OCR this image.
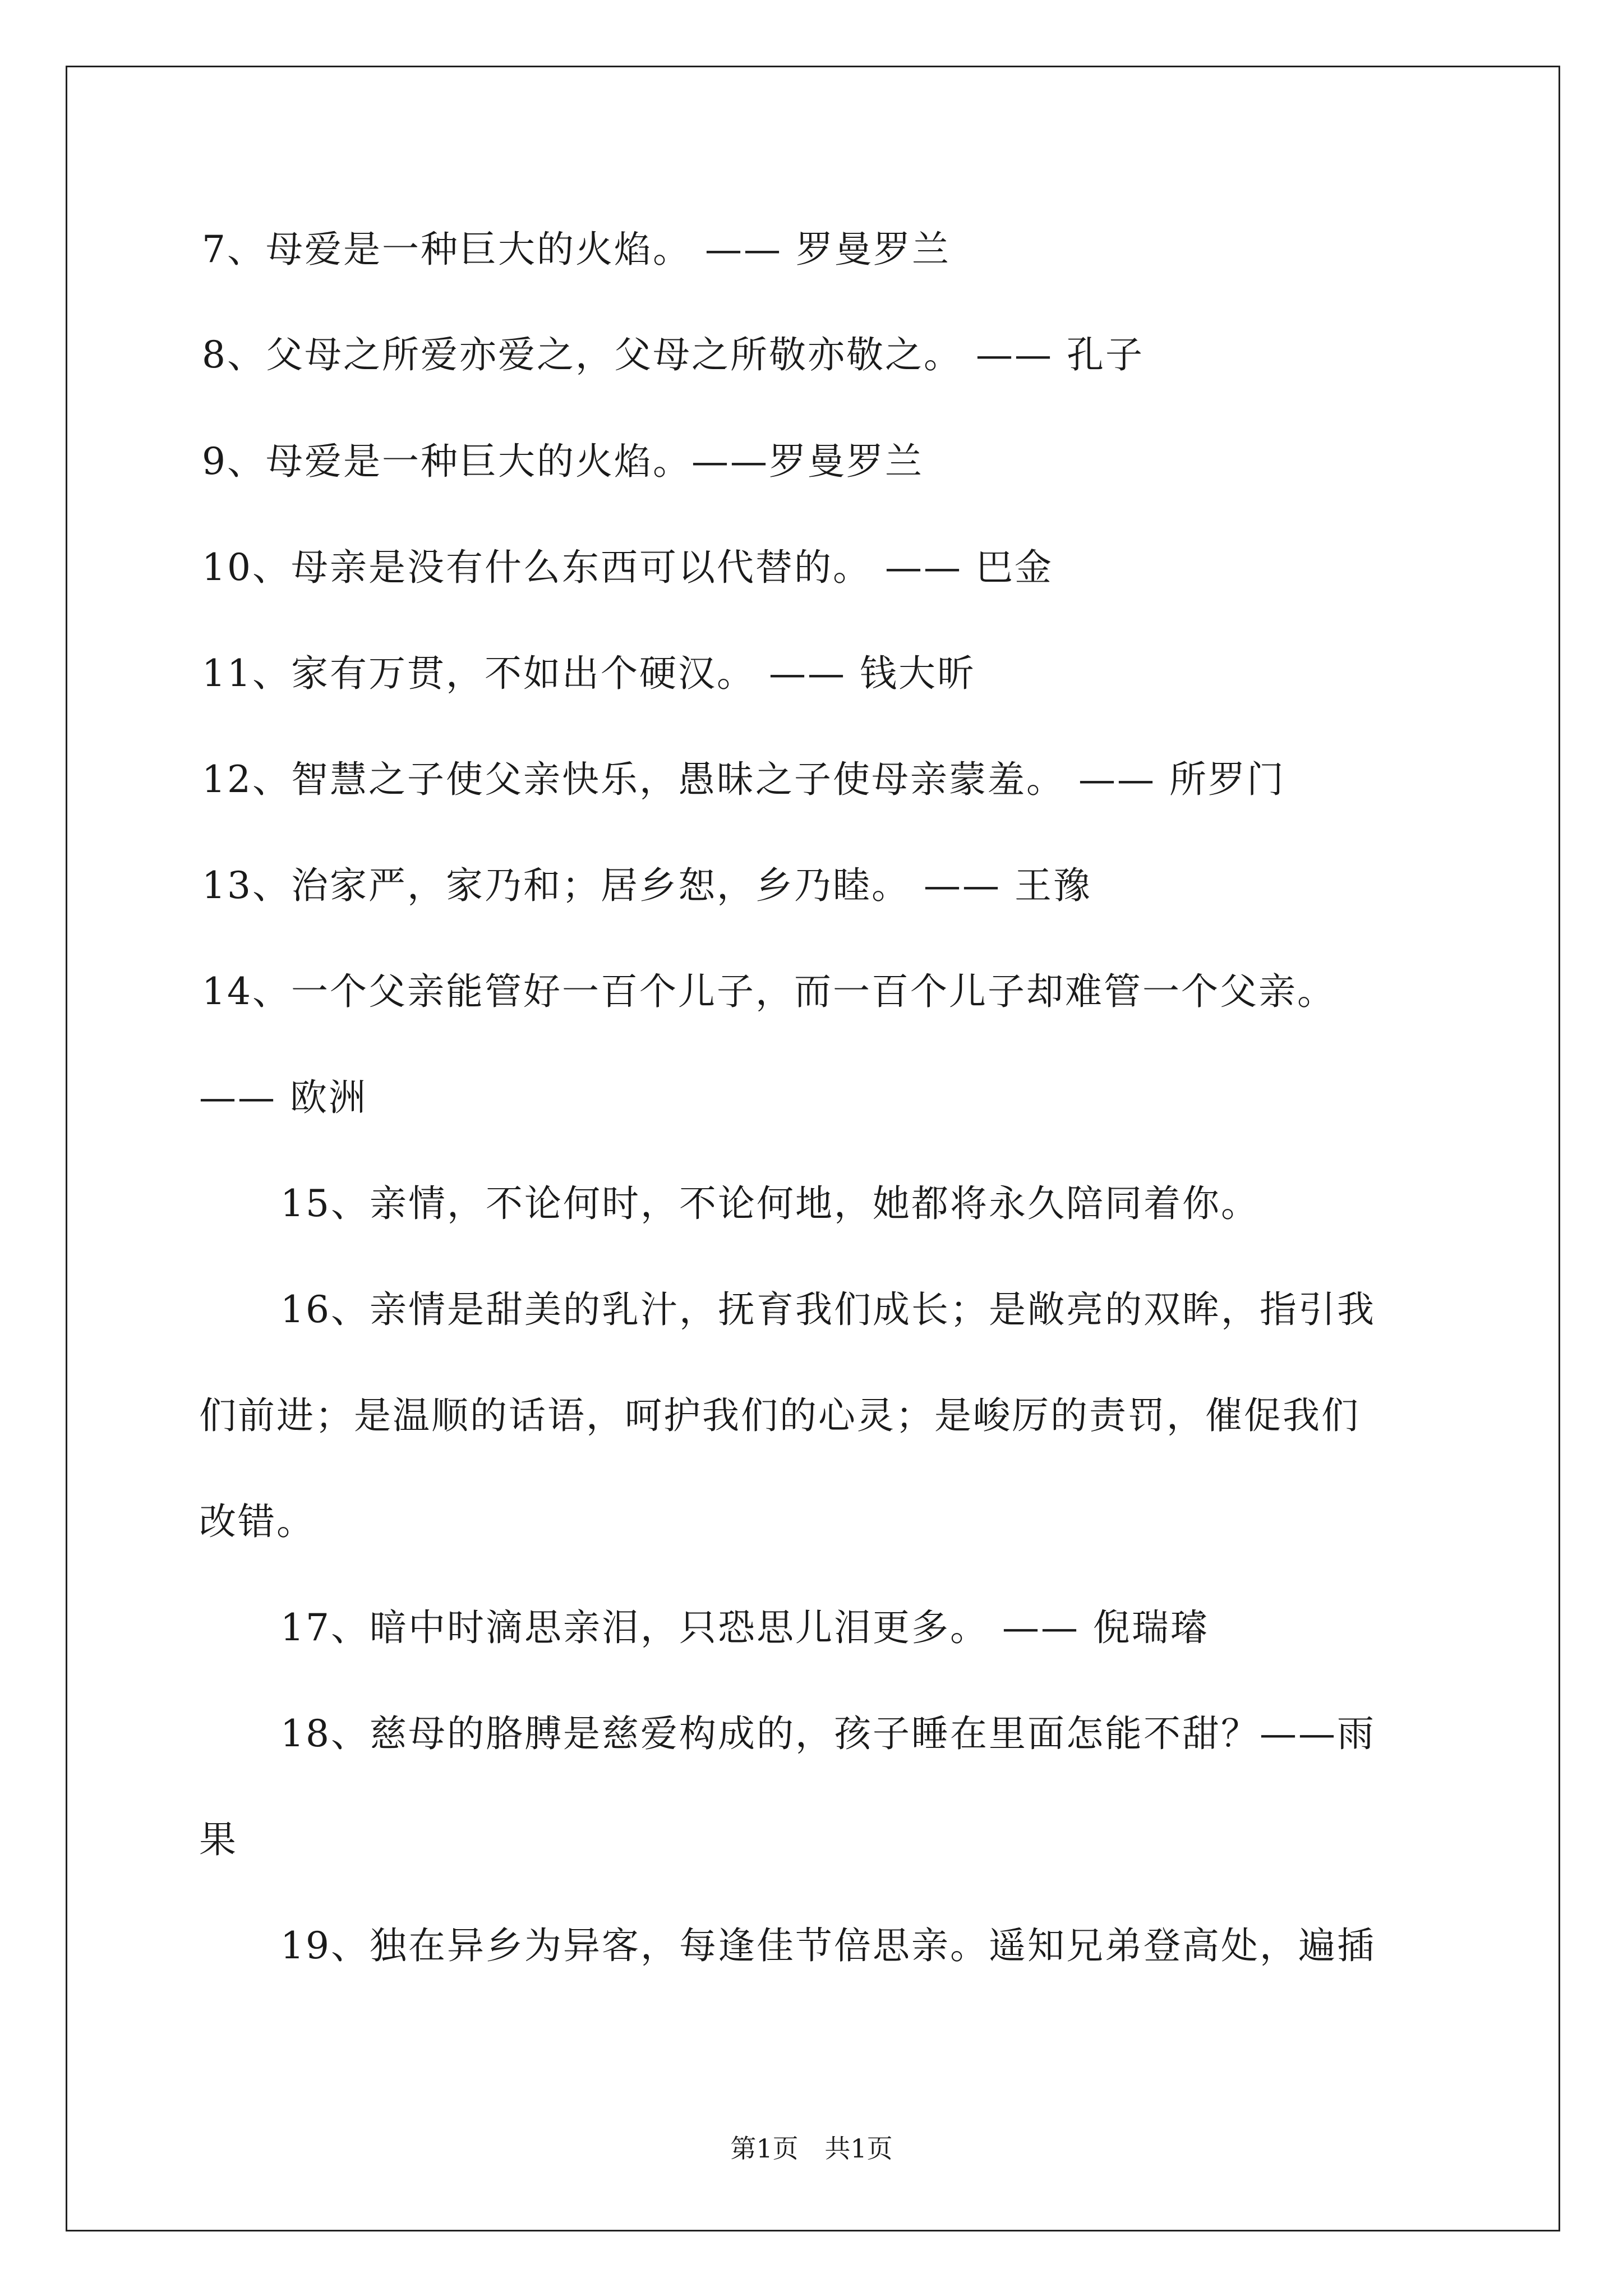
7、母爱是一种巨大的火焰。 —— 罗曼罗兰
8、父母之所爱亦爱之，父母之所敬亦敬之。 —— 孔子
9、母爱是一种巨大的火焰。——罗曼罗兰
10、母亲是没有什么东西可以代替的。 —— 巴金
11、家有万贯，不如出个硬汉。 —— 钱大昕
12、智慧之子使父亲快乐，愚昧之子使母亲蒙羞。 —— 所罗门
13、治家严，家乃和；居乡恕，乡乃睦。 —— 王豫
14、一个父亲能管好一百个儿子，而一百个儿子却难管一个父亲。
—— 欧洲
15、亲情，不论何时，不论何地，她都将永久陪同着你。
16、亲情是甜美的乳汁，抚育我们成长；是敞亮的双眸，指引我
们前进；是温顺的话语，呵护我们的心灵；是峻厉的责罚，催促我们
改错。
17、暗中时滴思亲泪，只恐思儿泪更多。 —— 倪瑞璿
18、慈母的胳膊是慈爱构成的，孩子睡在里面怎能不甜？——雨
果
19、独在异乡为异客，每逢佳节倍思亲。遥知兄弟登高处，遍插
第1页 共1页
